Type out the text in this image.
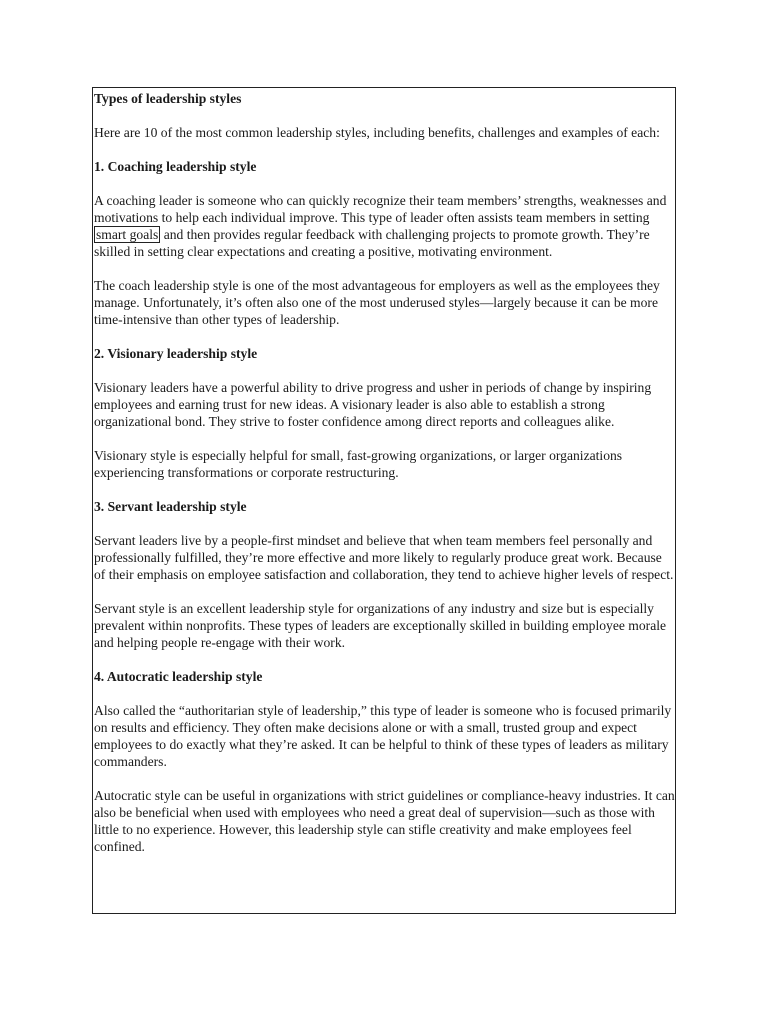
Types of leadership styles

Here are 10 of the most common leadership styles, including benefits, challenges and examples of each:

1. Coaching leadership style

A coaching leader is someone who can quickly recognize their team members’ strengths, weaknesses and motivations to help each individual improve. This type of leader often assists team members in setting smart goals and then provides regular feedback with challenging projects to promote growth. They’re skilled in setting clear expectations and creating a positive, motivating environment.

The coach leadership style is one of the most advantageous for employers as well as the employees they manage. Unfortunately, it’s often also one of the most underused styles—largely because it can be more time-intensive than other types of leadership.

2. Visionary leadership style

Visionary leaders have a powerful ability to drive progress and usher in periods of change by inspiring employees and earning trust for new ideas. A visionary leader is also able to establish a strong organizational bond. They strive to foster confidence among direct reports and colleagues alike.

Visionary style is especially helpful for small, fast-growing organizations, or larger organizations experiencing transformations or corporate restructuring.

3. Servant leadership style

Servant leaders live by a people-first mindset and believe that when team members feel personally and professionally fulfilled, they’re more effective and more likely to regularly produce great work. Because of their emphasis on employee satisfaction and collaboration, they tend to achieve higher levels of respect.

Servant style is an excellent leadership style for organizations of any industry and size but is especially prevalent within nonprofits. These types of leaders are exceptionally skilled in building employee morale and helping people re-engage with their work.

4. Autocratic leadership style

Also called the “authoritarian style of leadership,” this type of leader is someone who is focused primarily on results and efficiency. They often make decisions alone or with a small, trusted group and expect employees to do exactly what they’re asked. It can be helpful to think of these types of leaders as military commanders.

Autocratic style can be useful in organizations with strict guidelines or compliance-heavy industries. It can also be beneficial when used with employees who need a great deal of supervision—such as those with little to no experience. However, this leadership style can stifle creativity and make employees feel confined.
